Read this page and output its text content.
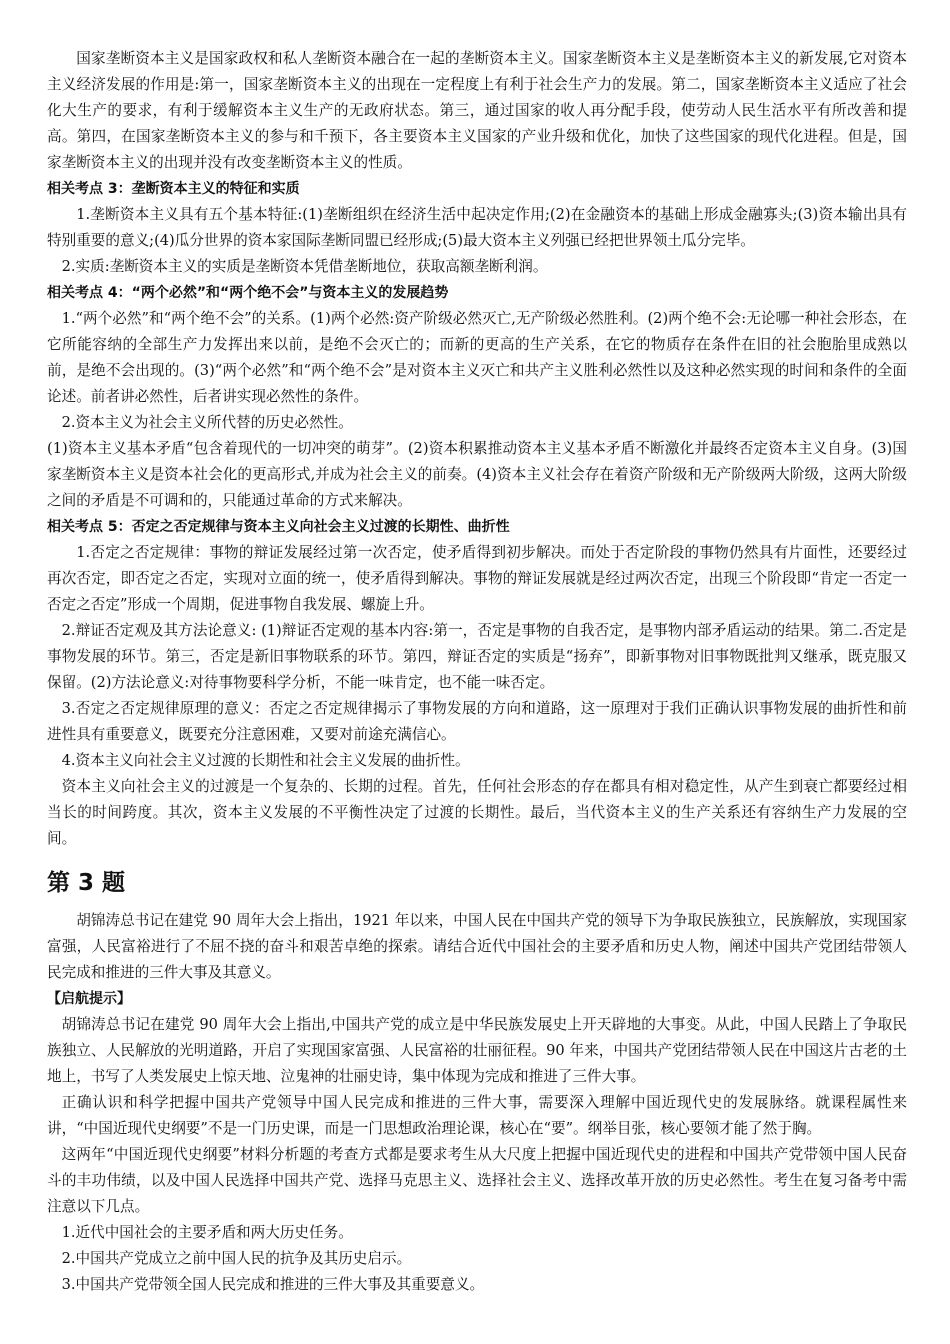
国家垄断资本主义是国家政权和私人垄断资本融合在一起的垄断资本主义。国家垄断资本主义是垄断资本主义的新发展,它对资本主义经济发展的作用是:第一，国家垄断资本主义的出现在一定程度上有利于社会生产力的发展。第二，国家垄断资本主义适应了社会化大生产的要求，有利于缓解资本主义生产的无政府状态。第三，通过国家的收人再分配手段，使劳动人民生活水平有所改善和提高。第四，在国家垄断资本主义的参与和千预下，各主要资本主义国家的产业升级和优化，加快了这些国家的现代化进程。但是，国家垄断资本主义的出现并没有改变垄断资本主义的性质。

相关考点 3：垄断资本主义的特征和实质

1.垄断资本主义具有五个基本特征:(1)垄断组织在经济生活中起决定作用;(2)在金融资本的基础上形成金融寡头;(3)资本输出具有特别重要的意义;(4)瓜分世界的资本家国际垄断同盟已经形成;(5)最大资本主义列强已经把世界领土瓜分完毕。

2.实质:垄断资本主义的实质是垄断资本凭借垄断地位，获取高额垄断利润。

相关考点 4：“两个必然”和“两个绝不会”与资本主义的发展趋势

1.“两个必然”和“两个绝不会”的关系。(1)两个必然:资产阶级必然灭亡,无产阶级必然胜利。(2)两个绝不会:无论哪一种社会形态，在它所能容纳的全部生产力发挥出来以前，是绝不会灭亡的；而新的更高的生产关系，在它的物质存在条件在旧的社会胞胎里成熟以前，是绝不会出现的。(3)“两个必然”和“两个绝不会”是对资本主义灭亡和共产主义胜利必然性以及这种必然实现的时间和条件的全面论述。前者讲必然性，后者讲实现必然性的条件。

2.资本主义为社会主义所代替的历史必然性。

(1)资本主义基本矛盾“包含着现代的一切冲突的萌芽”。(2)资本积累推动资本主义基本矛盾不断激化并最终否定资本主义自身。(3)国家垄断资本主义是资本社会化的更高形式,并成为社会主义的前奏。(4)资本主义社会存在着资产阶级和无产阶级两大阶级，这两大阶级之间的矛盾是不可调和的，只能通过革命的方式来解决。

相关考点 5：否定之否定规律与资本主义向社会主义过渡的长期性、曲折性

1.否定之否定规律：事物的辩证发展经过第一次否定，使矛盾得到初步解决。而处于否定阶段的事物仍然具有片面性，还要经过再次否定，即否定之否定，实现对立面的统一，使矛盾得到解决。事物的辩证发展就是经过两次否定，出现三个阶段即“肯定一否定一否定之否定”形成一个周期，促进事物自我发展、螺旋上升。

2.辩证否定观及其方法论意义: (1)辩证否定观的基本内容:第一，否定是事物的自我否定，是事物内部矛盾运动的结果。第二.否定是事物发展的环节。第三，否定是新旧事物联系的环节。第四，辩证否定的实质是“扬弃”，即新事物对旧事物既批判又继承，既克服又保留。(2)方法论意义:对待事物要科学分析，不能一味肯定，也不能一味否定。

3.否定之否定规律原理的意义：否定之否定规律揭示了事物发展的方向和道路，这一原理对于我们正确认识事物发展的曲折性和前进性具有重要意义，既要充分注意困难，又要对前途充满信心。

4.资本主义向社会主义过渡的长期性和社会主义发展的曲折性。

资本主义向社会主义的过渡是一个复杂的、长期的过程。首先，任何社会形态的存在都具有相对稳定性，从产生到衰亡都要经过相当长的时间跨度。其次，资本主义发展的不平衡性决定了过渡的长期性。最后，当代资本主义的生产关系还有容纳生产力发展的空间。

第 3 题

胡锦涛总书记在建党 90 周年大会上指出，1921 年以来，中国人民在中国共产党的领导下为争取民族独立，民族解放，实现国家富强，人民富裕进行了不屈不挠的奋斗和艰苦卓绝的探索。请结合近代中国社会的主要矛盾和历史人物，阐述中国共产党团结带领人民完成和推进的三件大事及其意义。

【启航提示】

胡锦涛总书记在建党 90 周年大会上指出,中国共产党的成立是中华民族发展史上开天辟地的大事变。从此，中国人民踏上了争取民族独立、人民解放的光明道路，开启了实现国家富强、人民富裕的壮丽征程。90 年来，中国共产党团结带领人民在中国这片古老的土地上，书写了人类发展史上惊天地、泣鬼神的壮丽史诗，集中体现为完成和推进了三件大事。

正确认识和科学把握中国共产党领导中国人民完成和推进的三件大事，需要深入理解中国近现代史的发展脉络。就课程属性来讲，“中国近现代史纲要”不是一门历史课，而是一门思想政治理论课，核心在“要”。纲举目张，核心要领才能了然于胸。

这两年“中国近现代史纲要”材料分析题的考查方式都是要求考生从大尺度上把握中国近现代史的进程和中国共产党带领中国人民奋斗的丰功伟绩，以及中国人民选择中国共产党、选择马克思主义、选择社会主义、选择改革开放的历史必然性。考生在复习备考中需注意以下几点。

1.近代中国社会的主要矛盾和两大历史任务。

2.中国共产党成立之前中国人民的抗争及其历史启示。

3.中国共产党带领全国人民完成和推进的三件大事及其重要意义。
